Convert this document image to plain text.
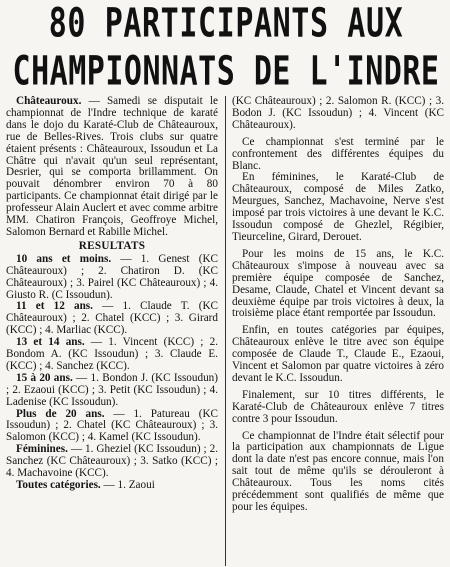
80 PARTICIPANTS AUX
CHAMPIONNATS DE L'INDRE

Châteauroux. — Samedi se disputait le championnat de l'Indre technique de karaté dans le dojo du Karaté-Club de Châteauroux, rue de Belles-Rives. Trois clubs sur quatre étaient présents : Châteauroux, Issoudun et La Châtre qui n'avait qu'un seul représentant, Desrier, qui se comporta brillamment. On pouvait dénombrer environ 70 à 80 participants. Ce championnat était dirigé par le professeur Alain Auclert et avec comme arbitre MM. Chatiron François, Geoffroye Michel, Salomon Bernard et Rabille Michel.

RESULTATS

10 ans et moins. — 1. Genest (KC Châteauroux) ; 2. Chatiron D. (KC Châteauroux) ; 3. Pairel (KC Châteauroux) ; 4. Giusto R. (C Issoudun).

11 et 12 ans. — 1. Claude T. (KC Châteauroux) ; 2. Chatel (KCC) ; 3. Girard (KCC) ; 4. Marliac (KCC).

13 et 14 ans. — 1. Vincent (KCC) ; 2. Bondom A. (KC Issoudun) ; 3. Claude E. (KCC) ; 4. Sanchez (KCC).

15 à 20 ans. — 1. Bondon J. (KC Issoudun) ; 2. Ezaoui (KCC) ; 3. Petit (KC Issoudun) ; 4. Ladenise (KC Issoudun).

Plus de 20 ans. — 1. Patureau (KC Issoudun) ; 2. Chatel (KC Châteauroux) ; 3. Salomon (KCC) ; 4. Kamel (KC Issoudun).

Féminines. — 1. Gheziel (KC Issoudun) ; 2. Sanchez (KC Châteauroux) ; 3. Satko (KCC) ; 4. Machavoine (KCC).

Toutes catégories. — 1. Zaoui

(KC Châteauroux) ; 2. Salomon R. (KCC) ; 3. Bodon J. (KC Issoudun) ; 4. Vincent (KC Châteauroux).

Ce championnat s'est terminé par le confrontement des différentes équipes du Blanc.

En féminines, le Karaté-Club de Châteauroux, composé de Miles Zatko, Meurgues, Sanchez, Machavoine, Nerve s'est imposé par trois victoires à une devant le K.C. Issoudun composé de Ghezlel, Régibier, Tieurceline, Girard, Derouet.

Pour les moins de 15 ans, le K.C. Châteauroux s'impose à nouveau avec sa première équipe composée de Sanchez, Desame, Claude, Chatel et Vincent devant sa deuxième équipe par trois victoires à deux, la troisième place étant remportée par Issoudun.

Enfin, en toutes catégories par équipes, Châteauroux enlève le titre avec son équipe composée de Claude T., Claude E., Ezaoui, Vincent et Salomon par quatre victoires à zéro devant le K.C. Issoudun.

Finalement, sur 10 titres différents, le Karaté-Club de Châteauroux enlève 7 titres contre 3 pour Issoudun.

Ce championnat de l'Indre était sélectif pour la participation aux championnats de Ligue dont la date n'est pas encore connue, mais l'on sait tout de même qu'ils se dérouleront à Châteauroux. Tous les noms cités précédemment sont qualifiés de même que pour les équipes.
